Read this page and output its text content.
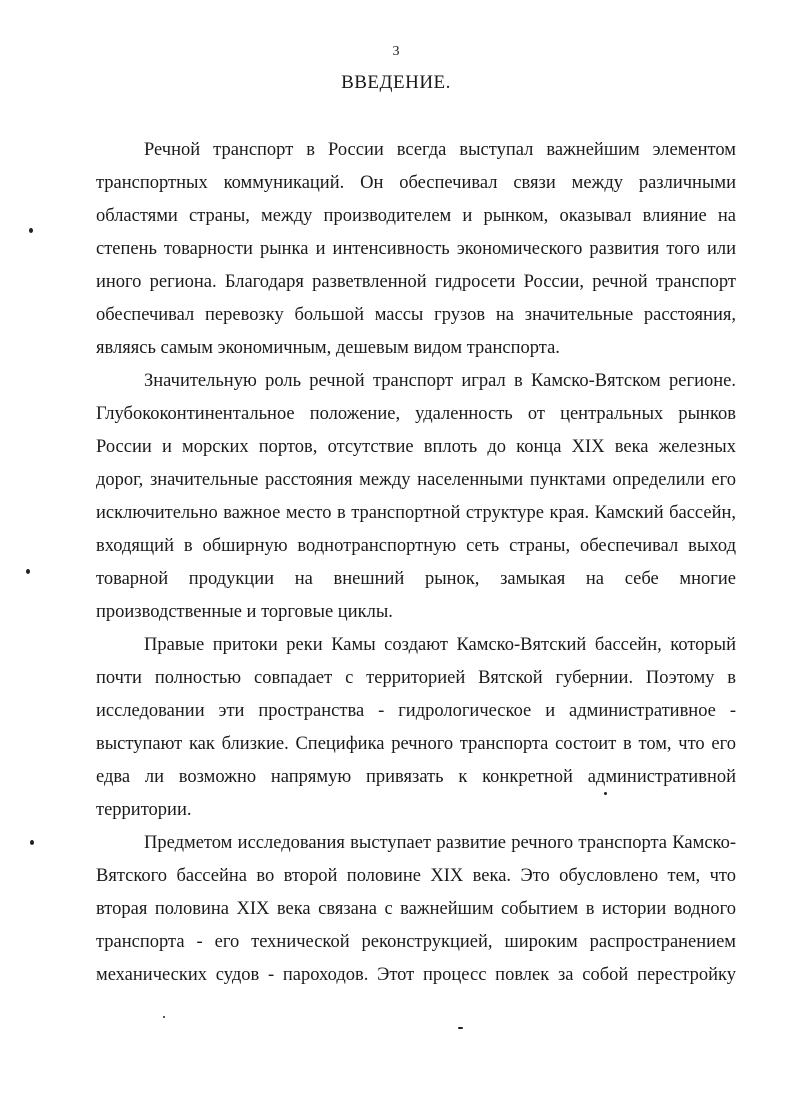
3
ВВЕДЕНИЕ.
Речной транспорт в России всегда выступал важнейшим элементом
транспортных коммуникаций. Он обеспечивал связи между различными
областями страны, между производителем и рынком, оказывал влияние на
степень товарности рынка и интенсивность экономического развития того или
иного региона. Благодаря разветвленной гидросети России, речной транспорт
обеспечивал перевозку большой массы грузов на значительные расстояния,
являясь самым экономичным, дешевым видом транспорта.
Значительную роль речной транспорт играл в Камско-Вятском регионе.
Глубококонтинентальное положение, удаленность от центральных рынков
России и морских портов, отсутствие вплоть до конца XIX века железных
дорог, значительные расстояния между населенными пунктами определили его
исключительно важное место в транспортной структуре края. Камский бассейн,
входящий в обширную воднотранспортную сеть страны, обеспечивал выход
товарной продукции на внешний рынок, замыкая на себе многие
производственные и торговые циклы.
Правые притоки реки Камы создают Камско-Вятский бассейн, который
почти полностью совпадает с территорией Вятской губернии. Поэтому в
исследовании эти пространства - гидрологическое и административное -
выступают как близкие. Специфика речного транспорта состоит в том, что его
едва ли возможно напрямую привязать к конкретной административной
территории.
Предметом исследования выступает развитие речного транспорта Камско-
Вятского бассейна во второй половине XIX века. Это обусловлено тем, что
вторая половина XIX века связана с важнейшим событием в истории водного
транспорта - его технической реконструкцией, широким распространением
механических судов - пароходов. Этот процесс повлек за собой перестройку
